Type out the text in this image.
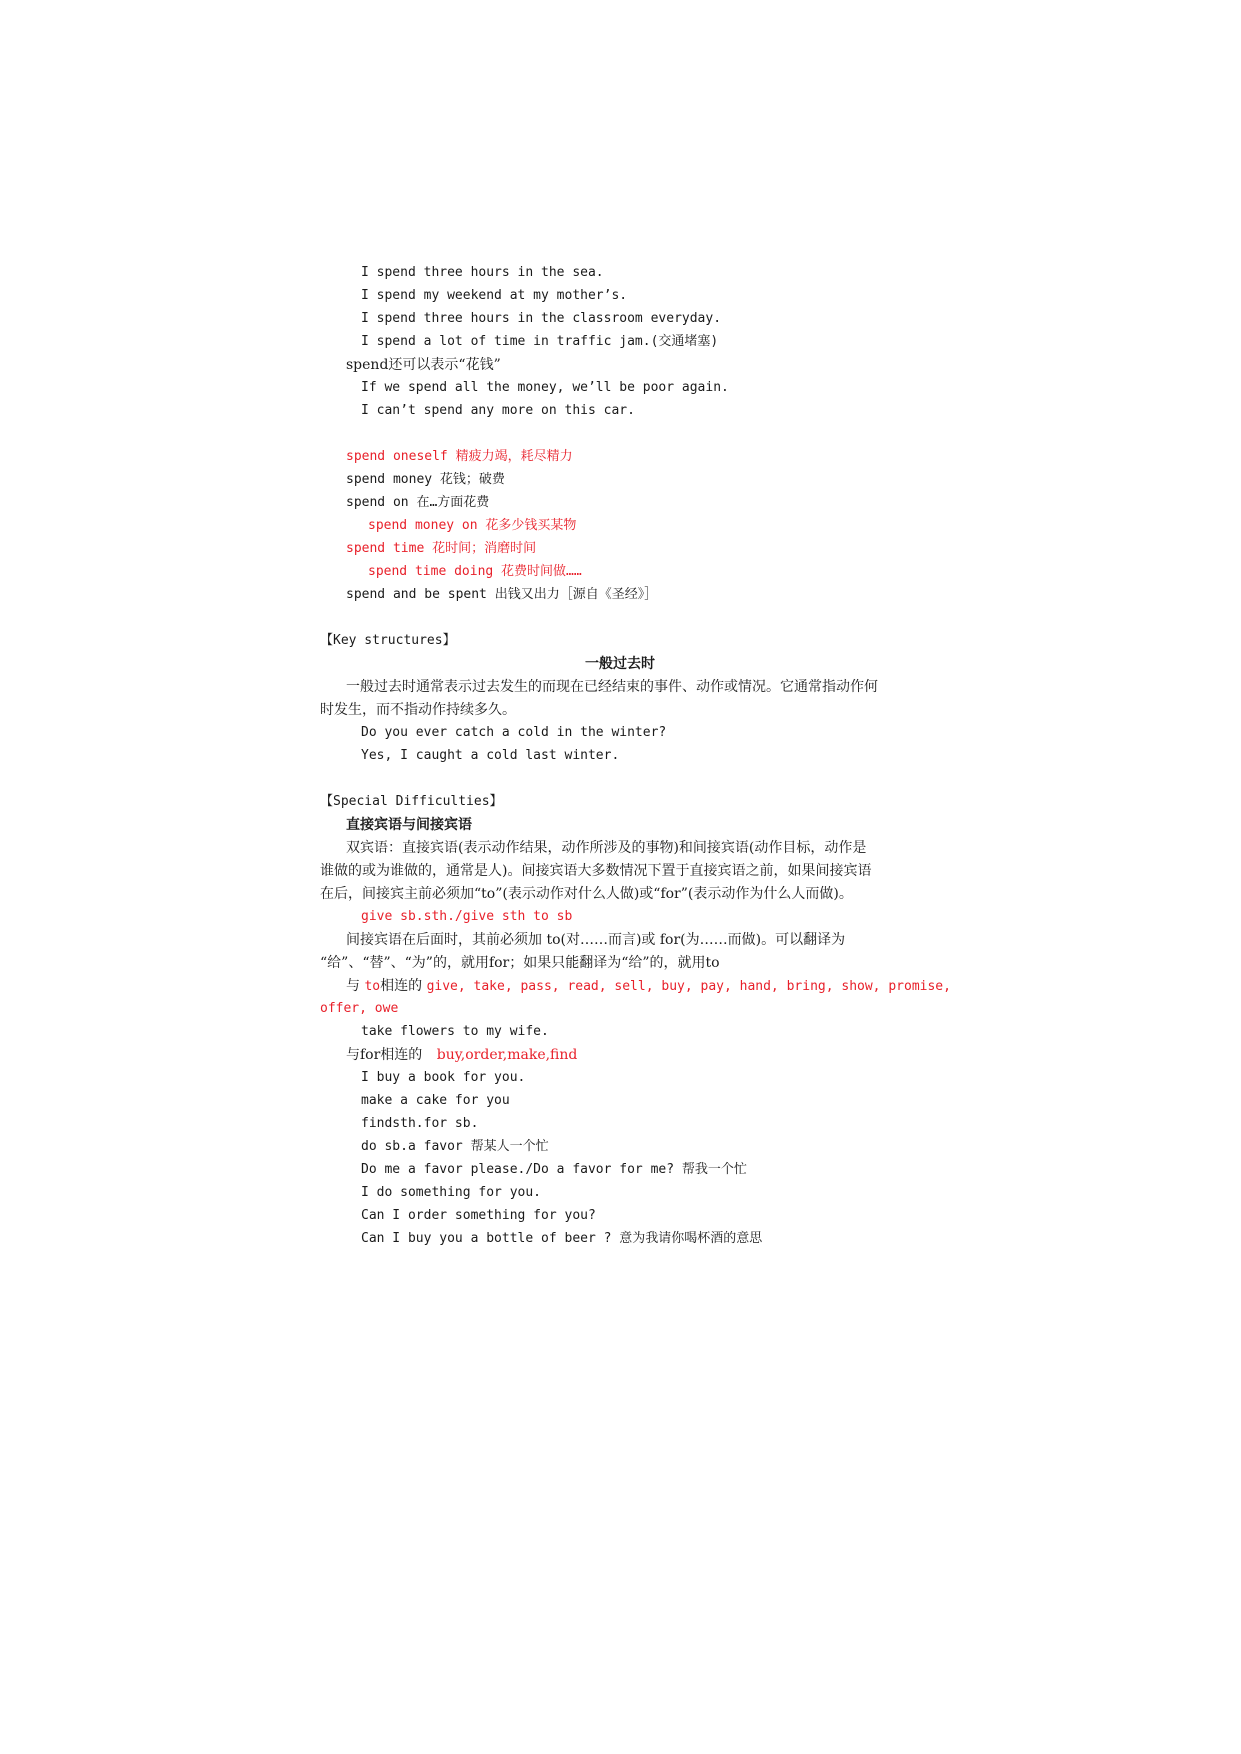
I spend three hours in the sea.
I spend my weekend at my mother’s.
I spend three hours in the classroom everyday.
I spend a lot of time in traffic jam.(交通堵塞)
spend还可以表示“花钱”
If we spend all the money, we’ll be poor again.
I can’t spend any more on this car.
spend oneself 精疲力竭，耗尽精力
spend money 花钱；破费
spend on 在…方面花费
spend money on 花多少钱买某物
spend time 花时间；消磨时间
spend time doing 花费时间做……
spend and be spent 出钱又出力［源自《圣经》］
【Key structures】
一般过去时
一般过去时通常表示过去发生的而现在已经结束的事件、动作或情况。它通常指动作何
时发生，而不指动作持续多久。
Do you ever catch a cold in the winter?
Yes, I caught a cold last winter.
【Special Difficulties】
直接宾语与间接宾语
双宾语：直接宾语(表示动作结果，动作所涉及的事物)和间接宾语(动作目标，动作是
谁做的或为谁做的，通常是人)。间接宾语大多数情况下置于直接宾语之前，如果间接宾语
在后，间接宾主前必须加“to”(表示动作对什么人做)或“for”(表示动作为什么人而做)。
give sb.sth./give sth to sb
间接宾语在后面时，其前必须加 to(对……而言)或 for(为……而做)。可以翻译为
“给”、“替”、“为”的，就用for；如果只能翻译为“给”的，就用to
与 to相连的 give, take, pass, read, sell, buy, pay, hand, bring, show, promise,
offer, owe
take flowers to my wife.
与for相连的 buy,order,make,find
I buy a book for you.
make a cake for you
findsth.for sb.
do sb.a favor 帮某人一个忙
Do me a favor please./Do a favor for me? 帮我一个忙
I do something for you.
Can I order something for you?
Can I buy you a bottle of beer ? 意为我请你喝杯酒的意思
